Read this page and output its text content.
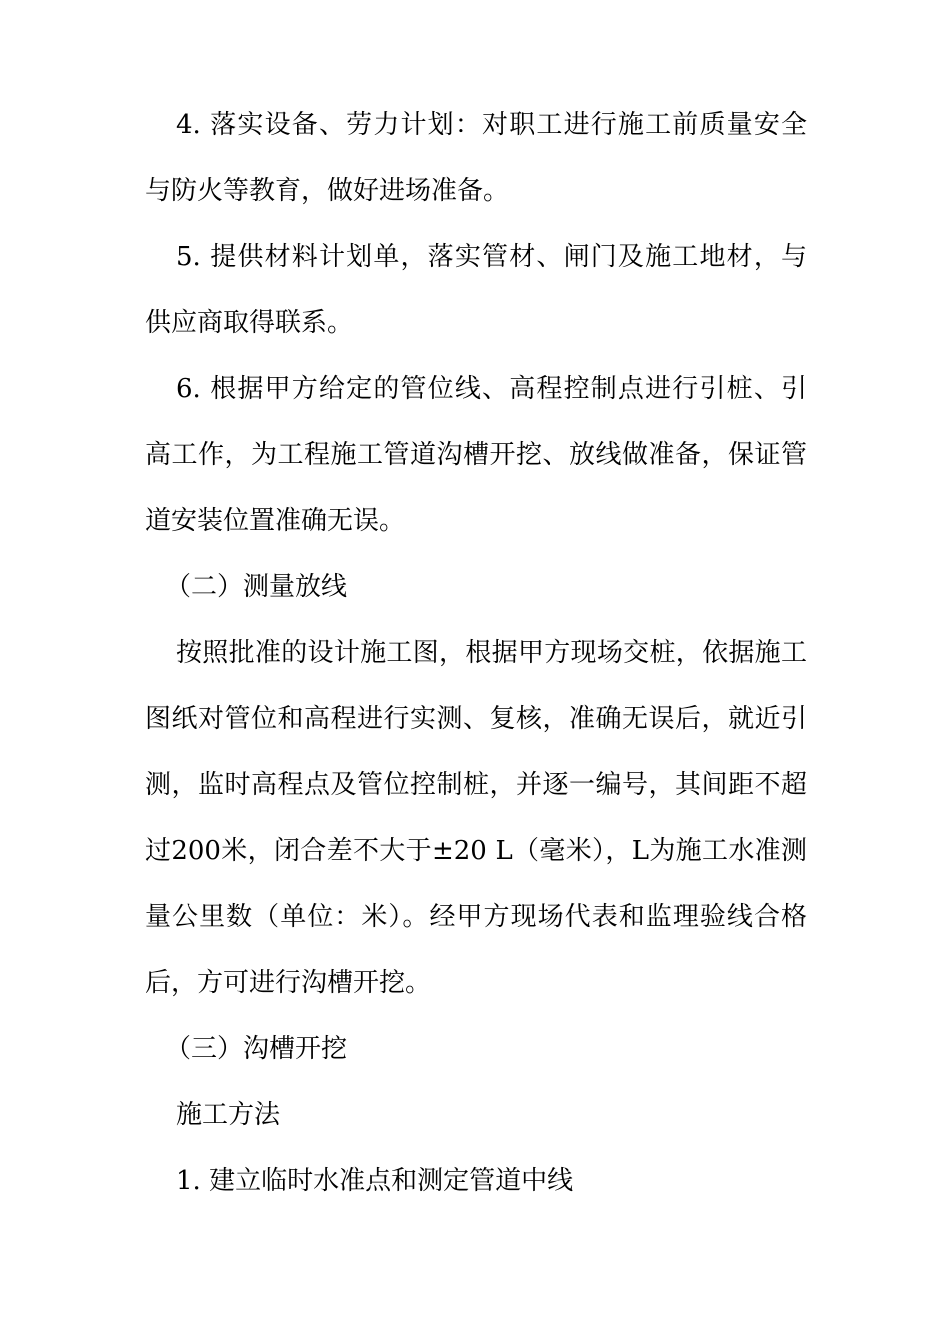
4. 落实设备、劳力计划：对职工进行施工前质量安全与防火等教育，做好进场准备。

5. 提供材料计划单，落实管材、闸门及施工地材，与供应商取得联系。

6. 根据甲方给定的管位线、高程控制点进行引桩、引高工作，为工程施工管道沟槽开挖、放线做准备，保证管道安装位置准确无误。

（二）测量放线

按照批准的设计施工图，根据甲方现场交桩，依据施工图纸对管位和高程进行实测、复核，准确无误后，就近引测，监时高程点及管位控制桩，并逐一编号，其间距不超过200米，闭合差不大于±20 L（毫米），L为施工水准测量公里数（单位：米）。经甲方现场代表和监理验线合格后，方可进行沟槽开挖。

（三）沟槽开挖

施工方法

1. 建立临时水准点和测定管道中线
